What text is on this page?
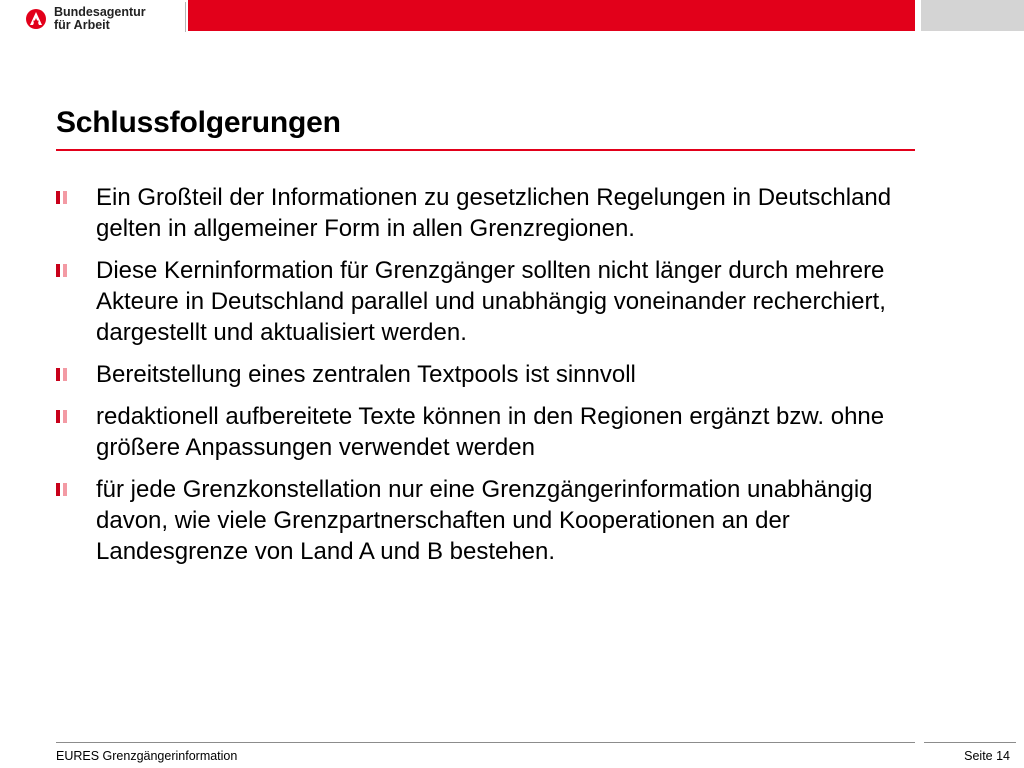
Bundesagentur
für Arbeit
Schlussfolgerungen
Ein Großteil der Informationen zu gesetzlichen Regelungen in Deutschland gelten in allgemeiner Form in allen Grenzregionen.
Diese Kerninformation für Grenzgänger sollten nicht länger durch mehrere Akteure in Deutschland parallel und unabhängig voneinander recherchiert, dargestellt und aktualisiert werden.
Bereitstellung eines zentralen Textpools ist sinnvoll
redaktionell aufbereitete Texte können in den Regionen ergänzt bzw. ohne größere Anpassungen verwendet werden
für jede Grenzkonstellation nur eine Grenzgängerinformation unabhängig davon, wie viele Grenzpartnerschaften und Kooperationen an der Landesgrenze von Land A und B bestehen.
EURES Grenzgängerinformation	Seite 14
